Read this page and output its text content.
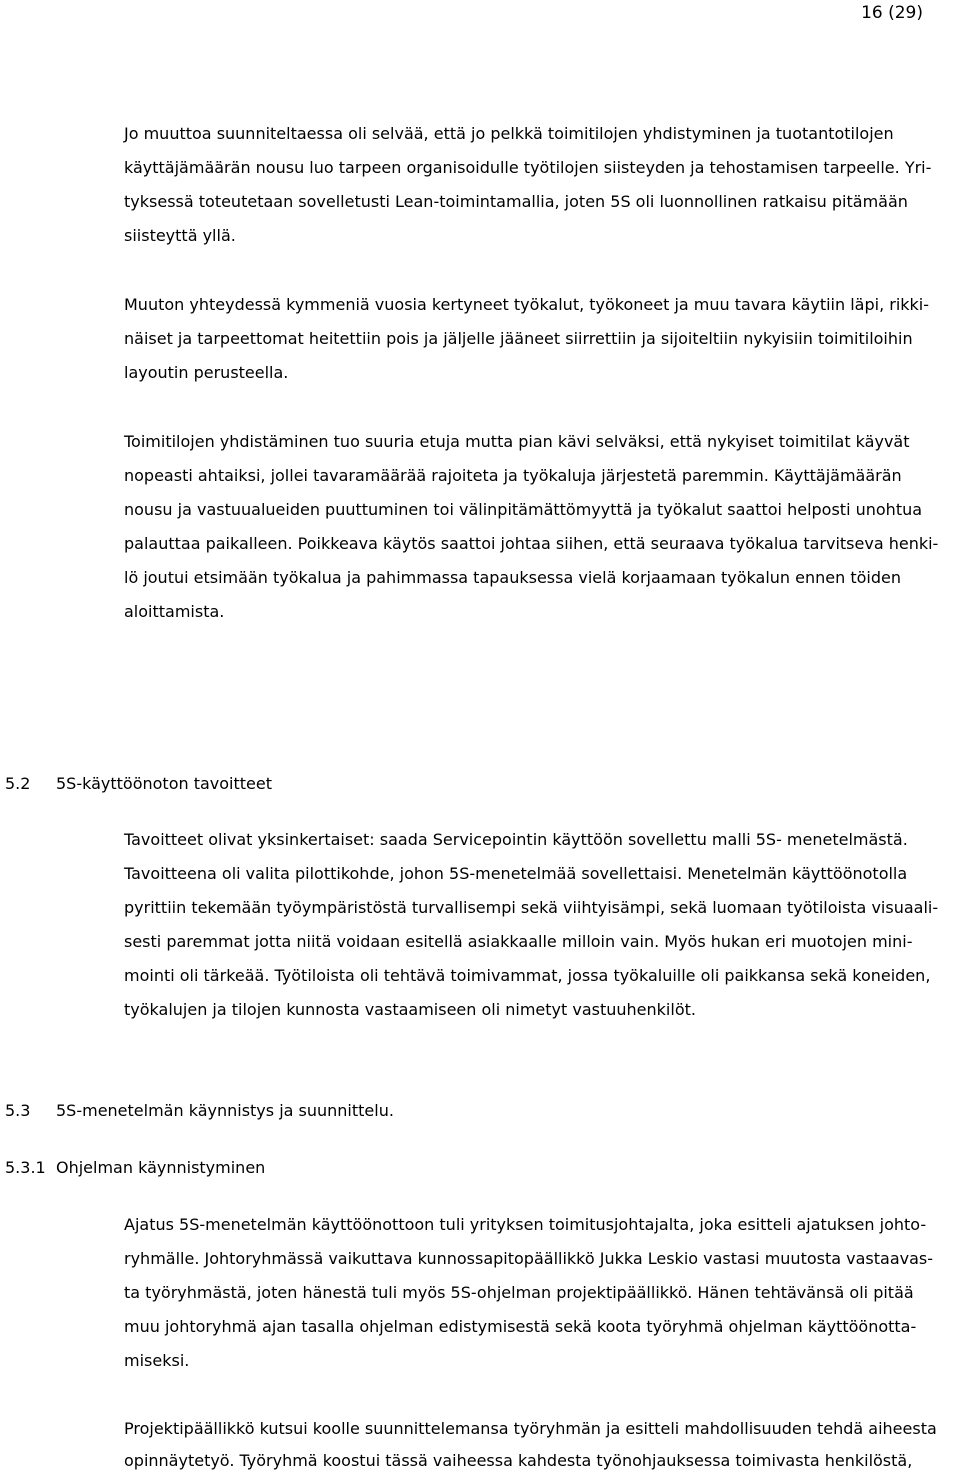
16 (29)
Jo muuttoa suunniteltaessa oli selvää, että jo pelkkä toimitilojen yhdistyminen ja tuotantotilojen
käyttäjämäärän nousu luo tarpeen organisoidulle työtilojen siisteyden ja tehostamisen tarpeelle. Yri-
tyksessä toteutetaan sovelletusti Lean-toimintamallia, joten 5S oli luonnollinen ratkaisu pitämään
siisteyttä yllä.
Muuton yhteydessä kymmeniä vuosia kertyneet työkalut, työkoneet ja muu tavara käytiin läpi, rikki-
näiset ja tarpeettomat heitettiin pois ja jäljelle jääneet siirrettiin ja sijoiteltiin nykyisiin toimitiloihin
layoutin perusteella.
Toimitilojen yhdistäminen tuo suuria etuja mutta pian kävi selväksi, että nykyiset toimitilat käyvät
nopeasti ahtaiksi, jollei tavaramäärää rajoiteta ja työkaluja järjestetä paremmin. Käyttäjämäärän
nousu ja vastuualueiden puuttuminen toi välinpitämättömyyttä ja työkalut saattoi helposti unohtua
palauttaa paikalleen. Poikkeava käytös saattoi johtaa siihen, että seuraava työkalua tarvitseva henki-
lö joutui etsimään työkalua ja pahimmassa tapauksessa vielä korjaamaan työkalun ennen töiden
aloittamista.
5.2 5S-käyttöönoton tavoitteet
Tavoitteet olivat yksinkertaiset: saada Servicepointin käyttöön sovellettu malli 5S- menetelmästä.
Tavoitteena oli valita pilottikohde, johon 5S-menetelmää sovellettaisi. Menetelmän käyttöönotolla
pyrittiin tekemään työympäristöstä turvallisempi sekä viihtyisämpi, sekä luomaan työtiloista visuaali-
sesti paremmat jotta niitä voidaan esitellä asiakkaalle milloin vain. Myös hukan eri muotojen mini-
mointi oli tärkeää. Työtiloista oli tehtävä toimivammat, jossa työkaluille oli paikkansa sekä koneiden,
työkalujen ja tilojen kunnosta vastaamiseen oli nimetyt vastuuhenkilöt.
5.3 5S-menetelmän käynnistys ja suunnittelu.
5.3.1 Ohjelman käynnistyminen
Ajatus 5S-menetelmän käyttöönottoon tuli yrityksen toimitusjohtajalta, joka esitteli ajatuksen johto-
ryhmälle. Johtoryhmässä vaikuttava kunnossapitopäällikkö Jukka Leskio vastasi muutosta vastaavas-
ta työryhmästä, joten hänestä tuli myös 5S-ohjelman projektipäällikkö. Hänen tehtävänsä oli pitää
muu johtoryhmä ajan tasalla ohjelman edistymisestä sekä koota työryhmä ohjelman käyttöönotta-
miseksi.
Projektipäällikkö kutsui koolle suunnittelemansa työryhmän ja esitteli mahdollisuuden tehdä aiheesta
opinnäytetyö. Työryhmä koostui tässä vaiheessa kahdesta työnohjauksessa toimivasta henkilöstä,
